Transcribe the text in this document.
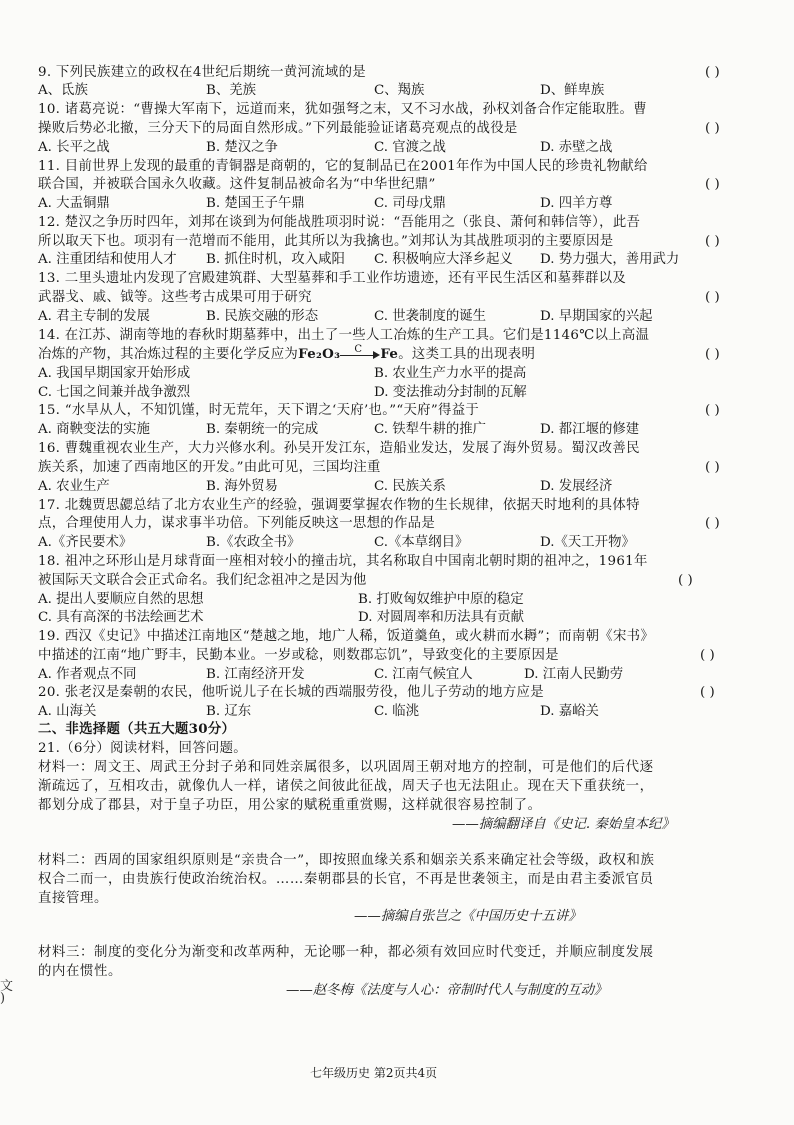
9. 下列民族建立的政权在4世纪后期统一黄河流域的是	( )
A、氐族	B、羌族	C、羯族	D、鲜卑族
10. 诸葛亮说：“曹操大军南下，远道而来，犹如强弩之末，又不习水战，孙权刘备合作定能取胜。曹
操败后势必北撤，三分天下的局面自然形成。”下列最能验证诸葛亮观点的战役是	( )
A. 长平之战	B. 楚汉之争	C. 官渡之战	D. 赤壁之战
11. 目前世界上发现的最重的青铜器是商朝的，它的复制品已在2001年作为中国人民的珍贵礼物献给
联合国，并被联合国永久收藏。这件复制品被命名为“中华世纪鼎”	( )
A. 大盂铜鼎	B. 楚国王子午鼎	C. 司母戊鼎	D. 四羊方尊
12. 楚汉之争历时四年，刘邦在谈到为何能战胜项羽时说：“吾能用之（张良、萧何和韩信等），此吾
所以取天下也。项羽有一范增而不能用，此其所以为我擒也。”刘邦认为其战胜项羽的主要原因是	( )
A. 注重团结和使用人才 B. 抓住时机，攻入咸阳 C. 积极响应大泽乡起义 D. 势力强大，善用武力
13. 二里头遗址内发现了宫殿建筑群、大型墓葬和手工业作坊遗迹，还有平民生活区和墓葬群以及
武器戈、戚、钺等。这些考古成果可用于研究	( )
A. 君主专制的发展	B. 民族交融的形态	C. 世袭制度的诞生	D. 早期国家的兴起
14. 在江苏、湖南等地的春秋时期墓葬中，出土了一些人工冶炼的生产工具。它们是1146℃以上高温
冶炼的产物，其冶炼过程的主要化学反应为Fe₂O₃ C Fe。这类工具的出现表明	( )
A. 我国早期国家开始形成	B. 农业生产力水平的提高
C. 七国之间兼并战争激烈	D. 变法推动分封制的瓦解
15. “水旱从人，不知饥馑，时无荒年，天下谓之‘天府’也。”“天府”得益于	( )
A. 商鞅变法的实施	B. 秦朝统一的完成	C. 铁犁牛耕的推广	D. 都江堰的修建
16. 曹魏重视农业生产，大力兴修水利。孙吴开发江东，造船业发达，发展了海外贸易。蜀汉改善民
族关系，加速了西南地区的开发。”由此可见，三国均注重	( )
A. 农业生产	B. 海外贸易	C. 民族关系	D. 发展经济
17. 北魏贾思勰总结了北方农业生产的经验，强调要掌握农作物的生长规律，依据天时地利的具体特
点，合理使用人力，谋求事半功倍。下列能反映这一思想的作品是	( )
A.《齐民要术》	B.《农政全书》	C.《本草纲目》	D.《天工开物》
18. 祖冲之环形山是月球背面一座相对较小的撞击坑，其名称取自中国南北朝时期的祖冲之，1961年
被国际天文联合会正式命名。我们纪念祖冲之是因为他	( )
A. 提出人要顺应自然的思想	B. 打败匈奴维护中原的稳定
C. 具有高深的书法绘画艺术	D. 对圆周率和历法具有贡献
19. 西汉《史记》中描述江南地区“楚越之地，地广人稀，饭道羹鱼，或火耕而水耨”；而南朝《宋书》
中描述的江南“地广野丰，民勤本业。一岁或稔，则数郡忘饥”，导致变化的主要原因是	( )
A. 作者观点不同	B. 江南经济开发	C. 江南气候宜人	D. 江南人民勤劳
20. 张老汉是秦朝的农民，他听说儿子在长城的西端服劳役，他儿子劳动的地方应是	( )
A. 山海关	B. 辽东	C. 临洮	D. 嘉峪关
二、非选择题（共五大题30分）
21.（6分）阅读材料，回答问题。
材料一：周文王、周武王分封子弟和同姓亲属很多，以巩固周王朝对地方的控制，可是他们的后代逐
渐疏远了，互相攻击，就像仇人一样，诸侯之间彼此征战，周天子也无法阻止。现在天下重获统一，
都划分成了郡县，对于皇子功臣，用公家的赋税重重赏赐，这样就很容易控制了。
——摘编翻译自《史记. 秦始皇本纪》
材料二：西周的国家组织原则是“亲贵合一”，即按照血缘关系和姻亲关系来确定社会等级，政权和族
权合二而一，由贵族行使政治统治权。……秦朝郡县的长官，不再是世袭领主，而是由君主委派官员
直接管理。
——摘编自张岂之《中国历史十五讲》
材料三：制度的变化分为渐变和改革两种，无论哪一种，都必须有效回应时代变迁，并顺应制度发展
的内在惯性。
——赵冬梅《法度与人心：帝制时代人与制度的互动》
七年级历史 第2页共4页
文
)
